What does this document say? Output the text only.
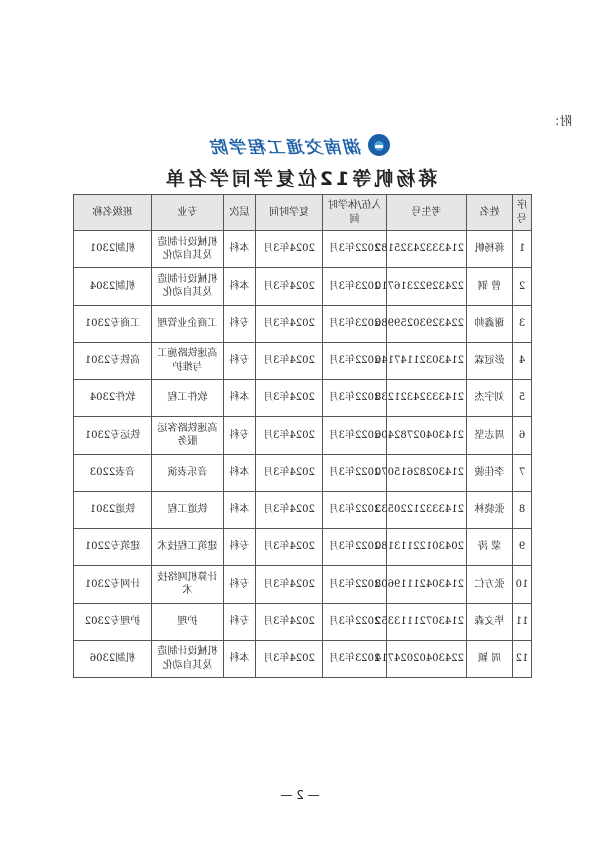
附：
湖南交通工程学院
蒋杨帆等12位复学同学名单
序号	姓名	考生号	入伍/休学时间	复学时间	层次	专业	班级名称
1	蒋杨帆	21433324325182	2022年3月	2024年3月	本科	机械设计制造及其自动化	机制2301
2	曾 钢	22432922316710	2023年3月	2024年3月	本科	机械设计制造及其自动化	机制2304
3	谢鑫帅	22432930259986	2023年3月	2024年3月	专科	工商企业管理	工商专2301
4	彭冠霖	21430321147146	2022年3月	2024年3月	专科	高速铁路施工与维护	高铁专2301
5	刘宇杰	21433324321238	2022年3月	2024年3月	本科	软件工程	软件2304
6	周志坚	21430402782406	2022年3月	2024年3月	专科	高速铁路客运服务	铁运专2301
7	李佳骏	21430282615070	2022年3月	2024年3月	本科	音乐表演	音表2203
8	张骁林	21433321220533	2022年3月	2024年3月	本科	铁道工程	铁道2301
9	蒙 涛	20430122113180	2022年3月	2024年3月	专科	建筑工程技术	建筑专2201
10	张方仁	21430421119608	2022年3月	2024年3月	专科	计算机网络技术	计网专2301
11	毕文森	21430721113352	2022年3月	2024年3月	专科	护理	护理专2302
12	周 颖	22430402024714	2023年3月	2024年3月	本科	机械设计制造及其自动化	机制2306
— 2 —
